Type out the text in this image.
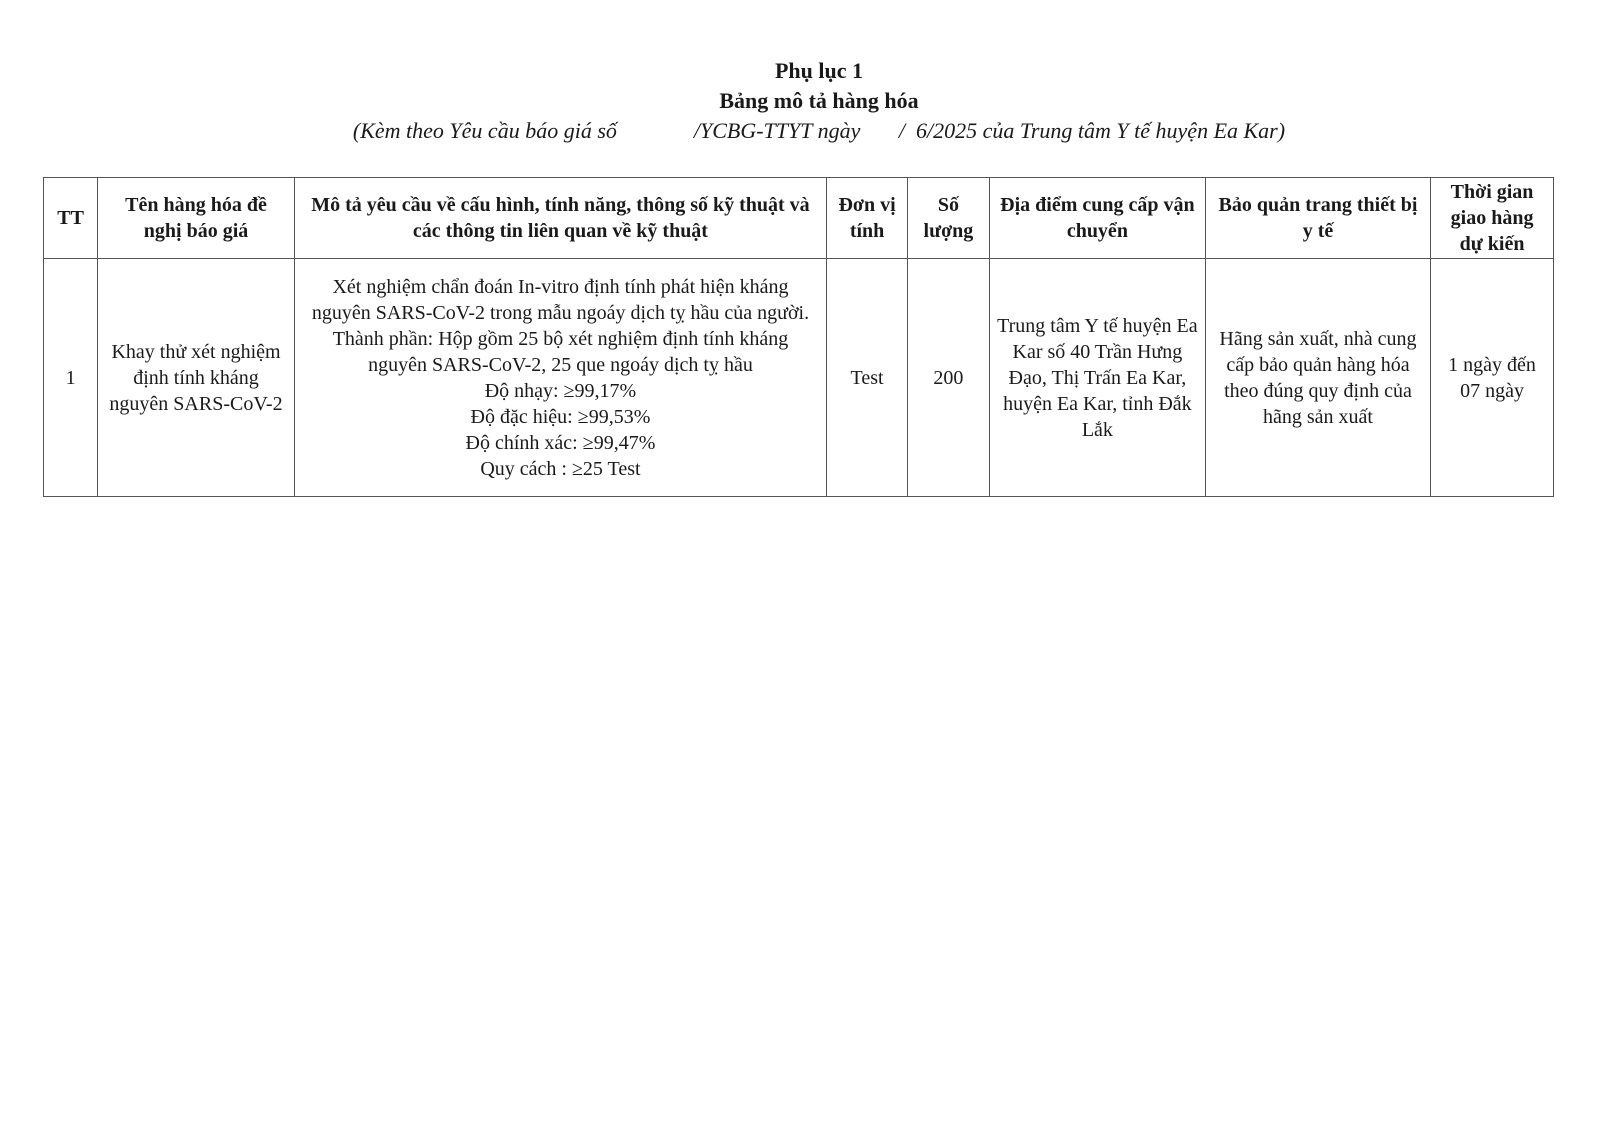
Phụ lục 1
Bảng mô tả hàng hóa
(Kèm theo Yêu cầu báo giá số              /YCBG-TTYT ngày       /  6/2025 của Trung tâm Y tế huyện Ea Kar)
TT	Tên hàng hóa đề nghị báo giá	Mô tả yêu cầu về cấu hình, tính năng, thông số kỹ thuật và các thông tin liên quan về kỹ thuật	Đơn vị tính	Số lượng	Địa điểm cung cấp vận chuyển	Bảo quản trang thiết bị y tế	Thời gian giao hàng dự kiến
1	Khay thử xét nghiệm định tính kháng nguyên SARS-CoV-2	Xét nghiệm chẩn đoán In-vitro định tính phát hiện kháng nguyên SARS-CoV-2 trong mẫu ngoáy dịch tỵ hầu của người. Thành phần: Hộp gồm 25 bộ xét nghiệm định tính kháng nguyên SARS-CoV-2, 25 que ngoáy dịch tỵ hầu
Độ nhạy: ≥99,17%
Độ đặc hiệu: ≥99,53%
Độ chính xác: ≥99,47%
Quy cách : ≥25 Test	Test	200	Trung tâm Y tế huyện Ea Kar số 40 Trần Hưng Đạo, Thị Trấn Ea Kar, huyện Ea Kar, tỉnh Đắk Lắk	Hãng sản xuất, nhà cung cấp bảo quản hàng hóa theo đúng quy định của hãng sản xuất	1 ngày đến 07 ngày
